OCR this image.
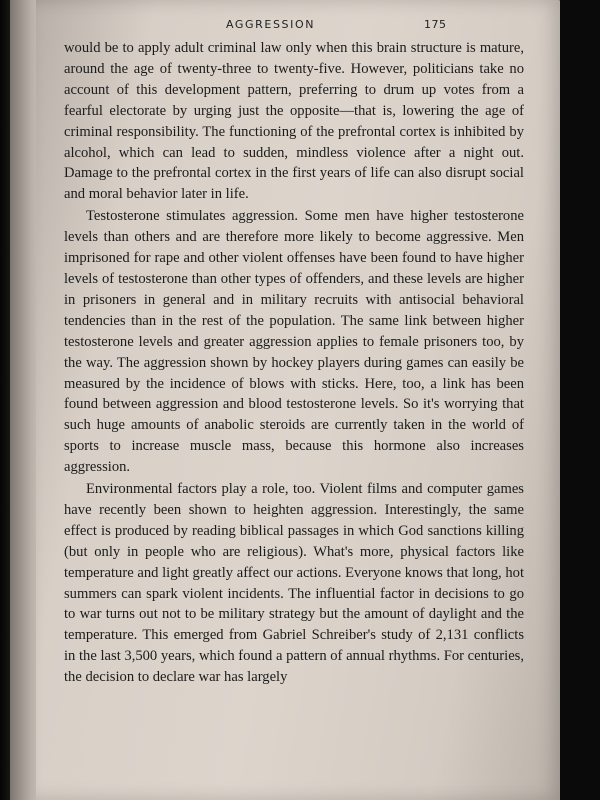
AGGRESSION	175

would be to apply adult criminal law only when this brain structure is mature, around the age of twenty-three to twenty-five. However, politicians take no account of this development pattern, preferring to drum up votes from a fearful electorate by urging just the opposite—that is, lowering the age of criminal responsibility. The functioning of the prefrontal cortex is inhibited by alcohol, which can lead to sudden, mindless violence after a night out. Damage to the prefrontal cortex in the first years of life can also disrupt social and moral behavior later in life.

Testosterone stimulates aggression. Some men have higher testosterone levels than others and are therefore more likely to become aggressive. Men imprisoned for rape and other violent offenses have been found to have higher levels of testosterone than other types of offenders, and these levels are higher in prisoners in general and in military recruits with antisocial behavioral tendencies than in the rest of the population. The same link between higher testosterone levels and greater aggression applies to female prisoners too, by the way. The aggression shown by hockey players during games can easily be measured by the incidence of blows with sticks. Here, too, a link has been found between aggression and blood testosterone levels. So it's worrying that such huge amounts of anabolic steroids are currently taken in the world of sports to increase muscle mass, because this hormone also increases aggression.

Environmental factors play a role, too. Violent films and computer games have recently been shown to heighten aggression. Interestingly, the same effect is produced by reading biblical passages in which God sanctions killing (but only in people who are religious). What's more, physical factors like temperature and light greatly affect our actions. Everyone knows that long, hot summers can spark violent incidents. The influential factor in decisions to go to war turns out not to be military strategy but the amount of daylight and the temperature. This emerged from Gabriel Schreiber's study of 2,131 conflicts in the last 3,500 years, which found a pattern of annual rhythms. For centuries, the decision to declare war has largely
